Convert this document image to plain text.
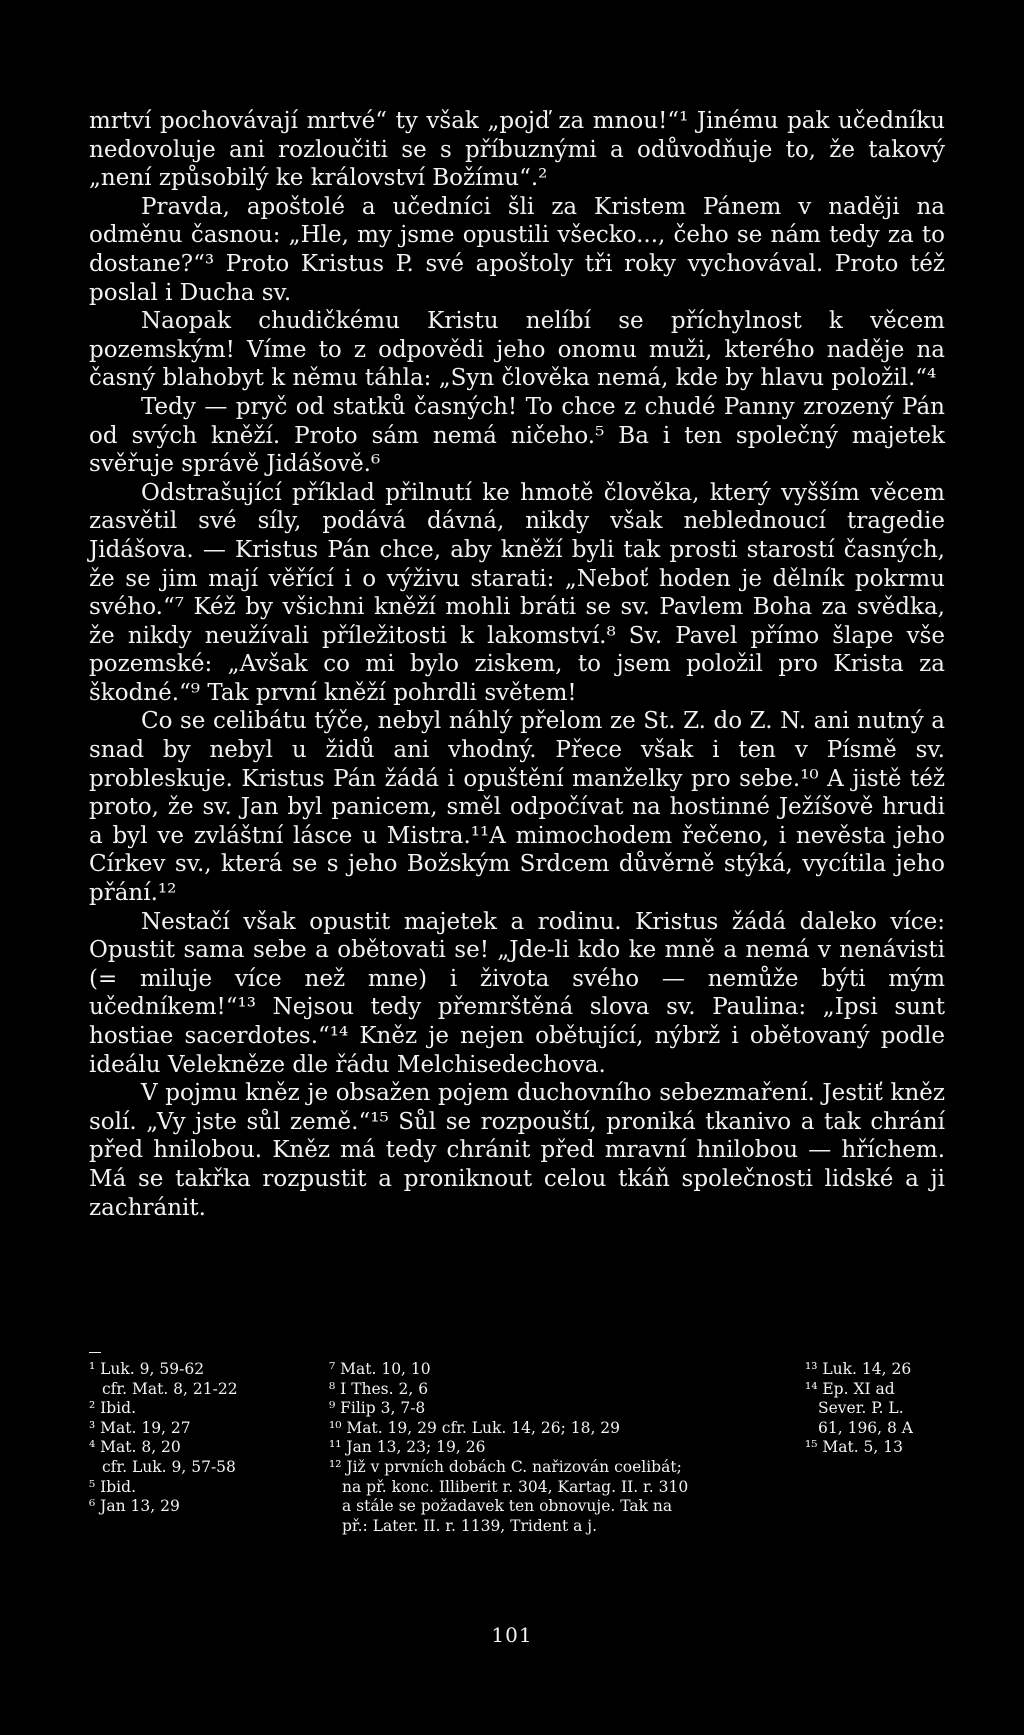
mrtví pochovávají mrtvé“ ty však „pojď za mnou!“¹ Jinému pak učedníku nedovoluje ani rozloučiti se s příbuznými a odůvodňuje to, že takový „není způsobilý ke království Božímu“.²

Pravda, apoštolé a učedníci šli za Kristem Pánem v naději na odměnu časnou: „Hle, my jsme opustili všecko..., čeho se nám tedy za to dostane?“³ Proto Kristus P. své apoštoly tři roky vychovával. Proto též poslal i Ducha sv.

Naopak chudičkému Kristu nelíbí se příchylnost k věcem pozemským! Víme to z odpovědi jeho onomu muži, kterého naděje na časný blahobyt k němu táhla: „Syn člověka nemá, kde by hlavu položil.“⁴

Tedy — pryč od statků časných! To chce z chudé Panny zrozený Pán od svých kněží. Proto sám nemá ničeho.⁵ Ba i ten společný majetek svěřuje správě Jidášově.⁶

Odstrašující příklad přilnutí ke hmotě člověka, který vyšším věcem zasvětil své síly, podává dávná, nikdy však neblednoucí tragedie Jidášova. — Kristus Pán chce, aby kněží byli tak prosti starostí časných, že se jim mají věřící i o výživu starati: „Neboť hoden je dělník pokrmu svého.“⁷ Kéž by všichni kněží mohli bráti se sv. Pavlem Boha za svědka, že nikdy neužívali příležitosti k lakomství.⁸ Sv. Pavel přímo šlape vše pozemské: „Avšak co mi bylo ziskem, to jsem položil pro Krista za škodné.“⁹ Tak první kněží pohrdli světem!

Co se celibátu týče, nebyl náhlý přelom ze St. Z. do Z. N. ani nutný a snad by nebyl u židů ani vhodný. Přece však i ten v Písmě sv. probleskuje. Kristus Pán žádá i opuštění manželky pro sebe.¹⁰ A jistě též proto, že sv. Jan byl panicem, směl odpočívat na hostinné Ježíšově hrudi a byl ve zvláštní lásce u Mistra.¹¹A mimochodem řečeno, i nevěsta jeho Církev sv., která se s jeho Božským Srdcem důvěrně stýká, vycítila jeho přání.¹²

Nestačí však opustit majetek a rodinu. Kristus žádá daleko více: Opustit sama sebe a obětovati se! „Jde-li kdo ke mně a nemá v nenávisti (= miluje více než mne) i života svého — nemůže býti mým učedníkem!“¹³ Nejsou tedy přemrštěná slova sv. Paulina: „Ipsi sunt hostiae sacerdotes.“¹⁴ Kněz je nejen obětující, nýbrž i obětovaný podle ideálu Velekněze dle řádu Melchisedechova.

V pojmu kněz je obsažen pojem duchovního sebezmaření. Jestiť kněz solí. „Vy jste sůl země.“¹⁵ Sůl se rozpouští, proniká tkanivo a tak chrání před hnilobou. Kněz má tedy chránit před mravní hnilobou — hříchem. Má se takřka rozpustit a proniknout celou tkáň společnosti lidské a ji zachránit.

¹ Luk. 9, 59-62
cfr. Mat. 8, 21-22
² Ibid.
³ Mat. 19, 27
⁴ Mat. 8, 20
cfr. Luk. 9, 57-58
⁵ Ibid.
⁶ Jan 13, 29
⁷ Mat. 10, 10
⁸ I Thes. 2, 6
⁹ Filip 3, 7-8
¹⁰ Mat. 19, 29 cfr. Luk. 14, 26; 18, 29
¹¹ Jan 13, 23; 19, 26
¹² Již v prvních dobách C. nařizován coelibát;
na př. konc. Illiberit r. 304, Kartag. II. r. 310
a stále se požadavek ten obnovuje. Tak na
př.: Later. II. r. 1139, Trident a j.
¹³ Luk. 14, 26
¹⁴ Ep. XI ad
Sever. P. L.
61, 196, 8 A
¹⁵ Mat. 5, 13
101
